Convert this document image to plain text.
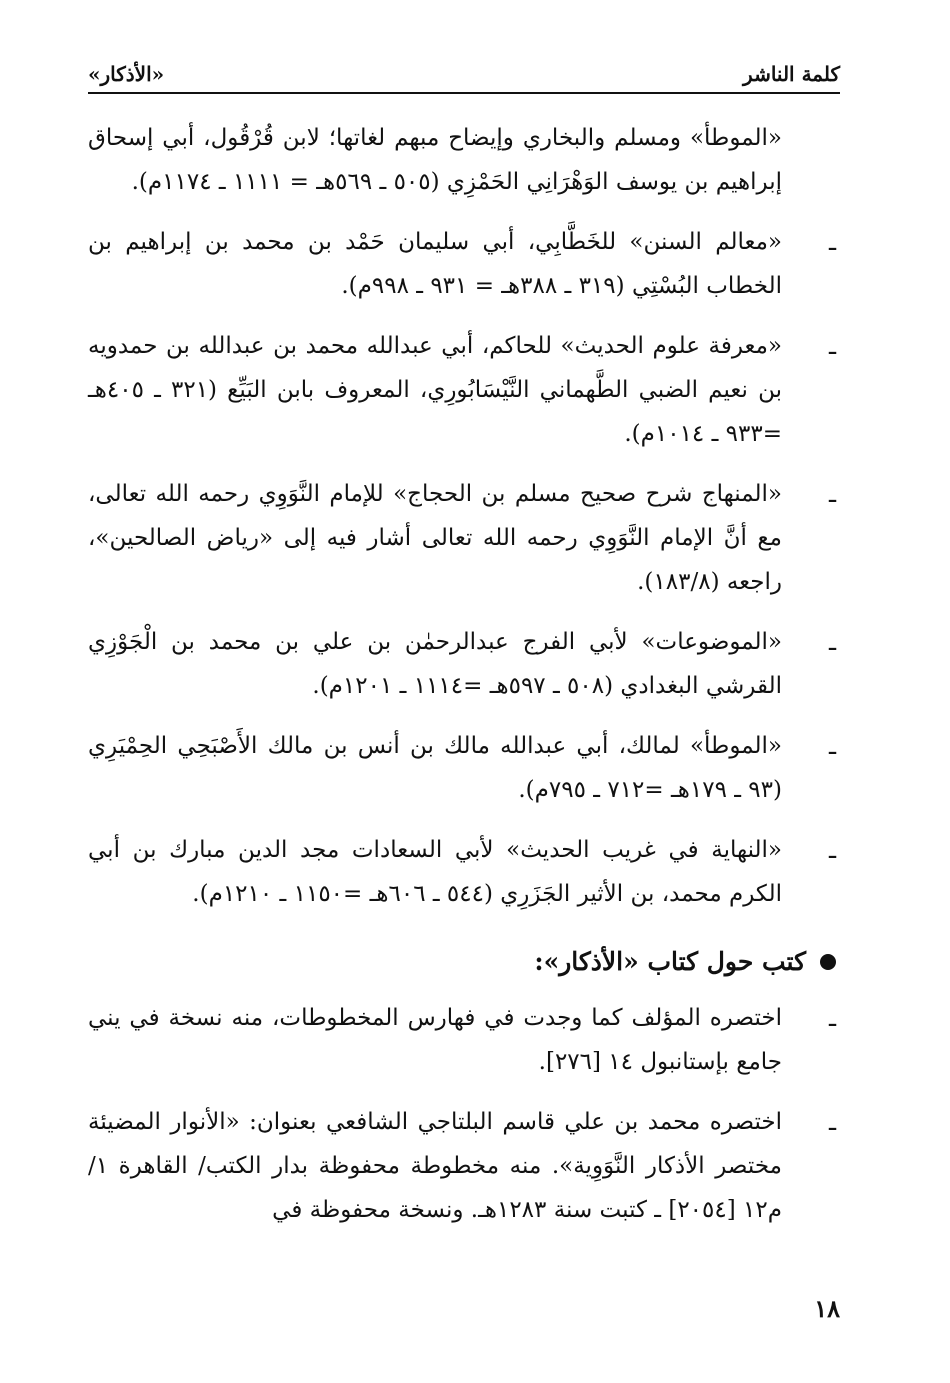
كلمة الناشر
«الأذكار»
«الموطأ» ومسلم والبخاري وإيضاح مبهم لغاتها؛ لابن قُرْقُول، أبي إسحاق إبراهيم بن يوسف الوَهْرَانِي الحَمْزِي (٥٠٥ ـ ٥٦٩هـ = ١١١١ ـ ١١٧٤م).
ـ
«معالم السنن» للخَطَّابِي، أبي سليمان حَمْد بن محمد بن إبراهيم بن الخطاب البُسْتِي (٣١٩ ـ ٣٨٨هـ = ٩٣١ ـ ٩٩٨م).
ـ
«معرفة علوم الحديث» للحاكم، أبي عبدالله محمد بن عبدالله بن حمدويه بن نعيم الضبي الطَّهماني النَّيْسَابُورِي، المعروف بابن البَيِّع (٣٢١ ـ ٤٠٥هـ =٩٣٣ ـ ١٠١٤م).
ـ
«المنهاج شرح صحيح مسلم بن الحجاج» للإمام النَّوَوِي رحمه الله تعالى، مع أنَّ الإمام النَّوَوِي رحمه الله تعالى أشار فيه إلى «رياض الصالحين»، راجعه (١٨٣/٨).
ـ
«الموضوعات» لأبي الفرج عبدالرحمٰن بن علي بن محمد بن الْجَوْزِي القرشي البغدادي (٥٠٨ ـ ٥٩٧هـ =١١١٤ ـ ١٢٠١م).
ـ
«الموطأ» لمالك، أبي عبدالله مالك بن أنس بن مالك الأَصْبَحِي الحِمْيَرِي (٩٣ ـ ١٧٩هـ =٧١٢ ـ ٧٩٥م).
ـ
«النهاية في غريب الحديث» لأبي السعادات مجد الدين مبارك بن أبي الكرم محمد، بن الأثير الجَزَرِي (٥٤٤ ـ ٦٠٦هـ =١١٥٠ ـ ١٢١٠م).
كتب حول كتاب «الأذكار»:
ـ
اختصره المؤلف كما وجدت في فهارس المخطوطات، منه نسخة في يني جامع بإستانبول ١٤ [٢٧٦].
ـ
اختصره محمد بن علي قاسم البلتاجي الشافعي بعنوان: «الأنوار المضيئة مختصر الأذكار النَّوَوِية». منه مخطوطة محفوظة بدار الكتب/ القاهرة ١/م١٢ [٢٠٥٤] ـ كتبت سنة ١٢٨٣هـ. ونسخة محفوظة في
١٨
